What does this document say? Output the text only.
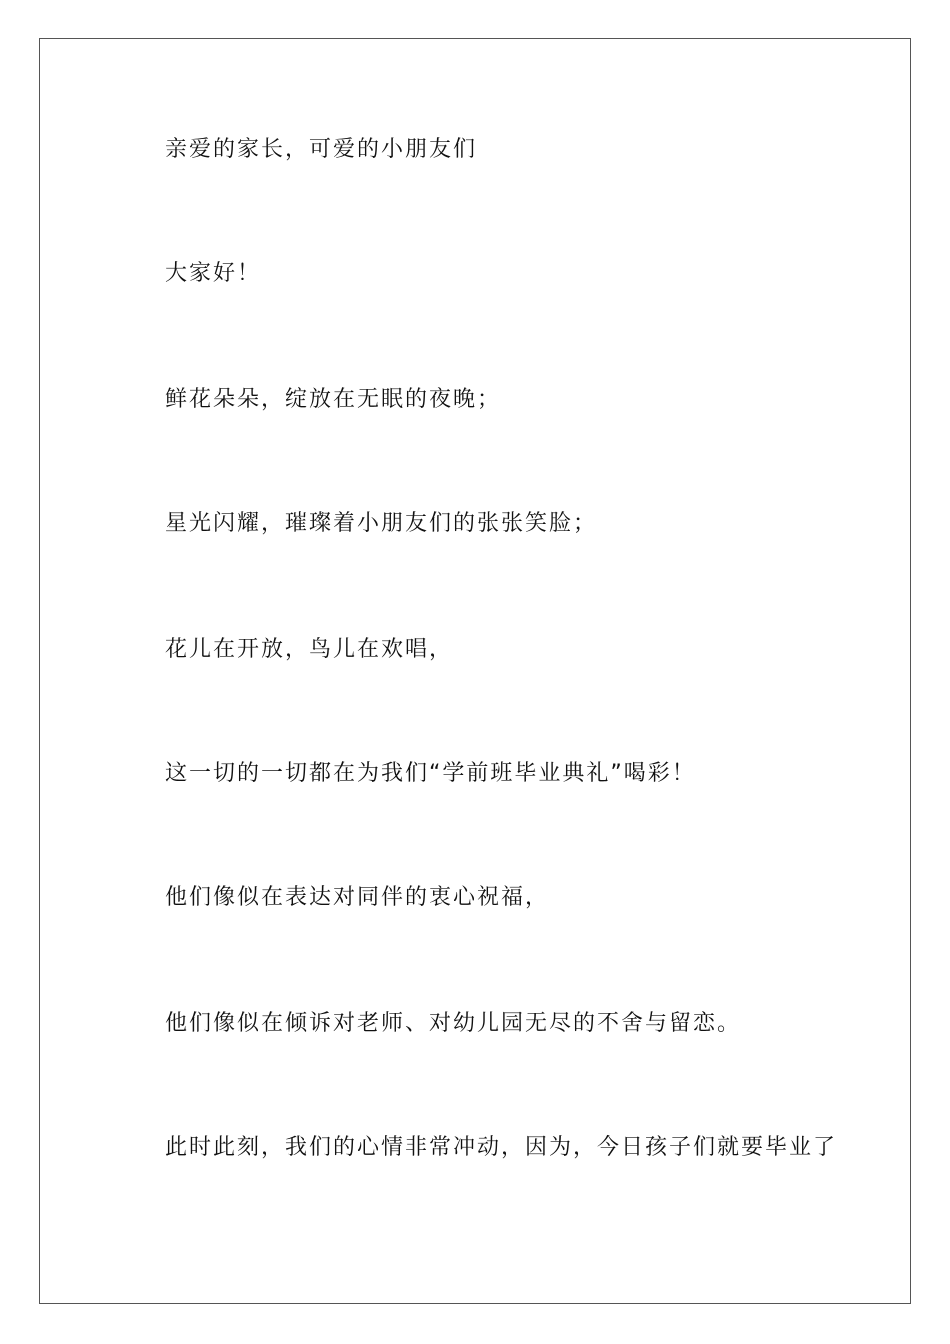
亲爱的家长，可爱的小朋友们

大家好！

鲜花朵朵，绽放在无眠的夜晚；

星光闪耀，璀璨着小朋友们的张张笑脸；

花儿在开放，鸟儿在欢唱，

这一切的一切都在为我们“学前班毕业典礼”喝彩！

他们像似在表达对同伴的衷心祝福，

他们像似在倾诉对老师、对幼儿园无尽的不舍与留恋。

此时此刻，我们的心情非常冲动，因为，今日孩子们就要毕业了
